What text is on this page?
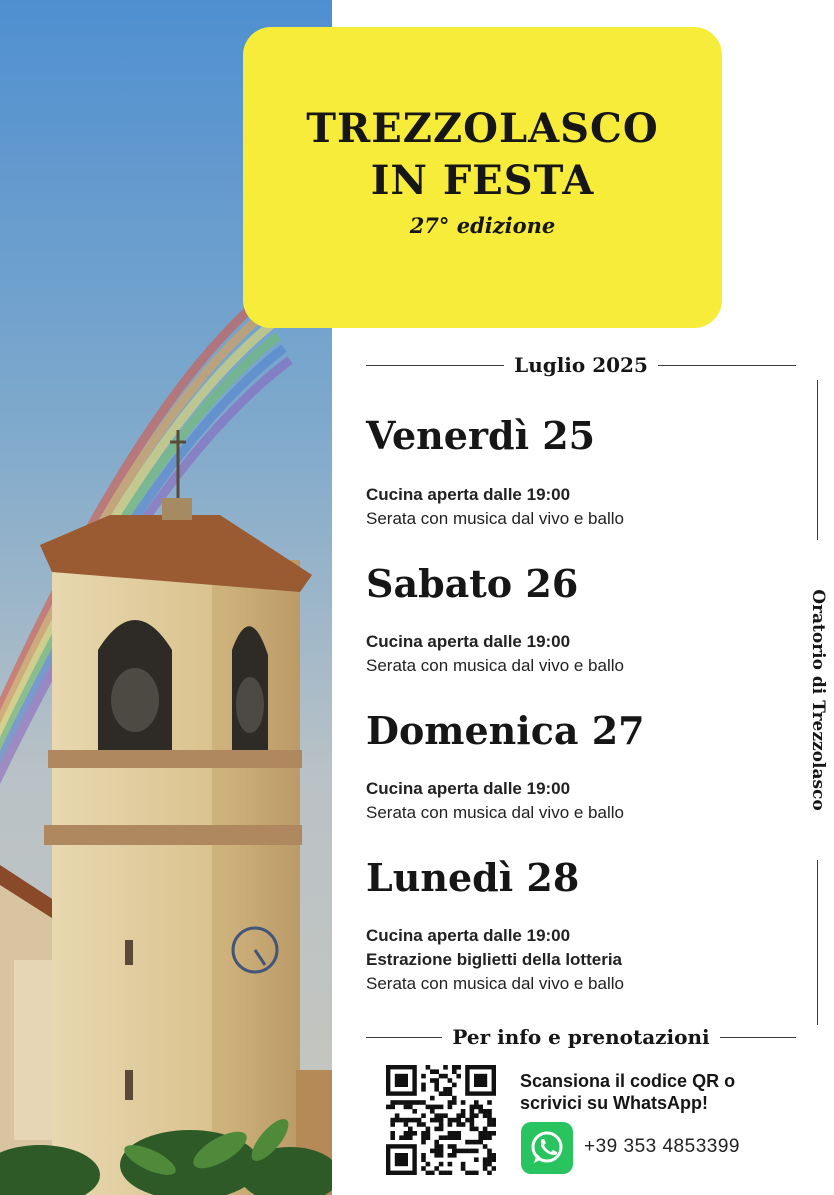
TREZZOLASCO
IN FESTA
27° edizione
Luglio 2025
Venerdì 25
Cucina aperta dalle 19:00
Serata con musica dal vivo e ballo
Sabato 26
Cucina aperta dalle 19:00
Serata con musica dal vivo e ballo
Domenica 27
Cucina aperta dalle 19:00
Serata con musica dal vivo e ballo
Lunedì 28
Cucina aperta dalle 19:00
Estrazione biglietti della lotteria
Serata con musica dal vivo e ballo
Oratorio di Trezzolasco
Per info e prenotazioni
Scansiona il codice QR o
scrivici su WhatsApp!
+39 353 4853399
